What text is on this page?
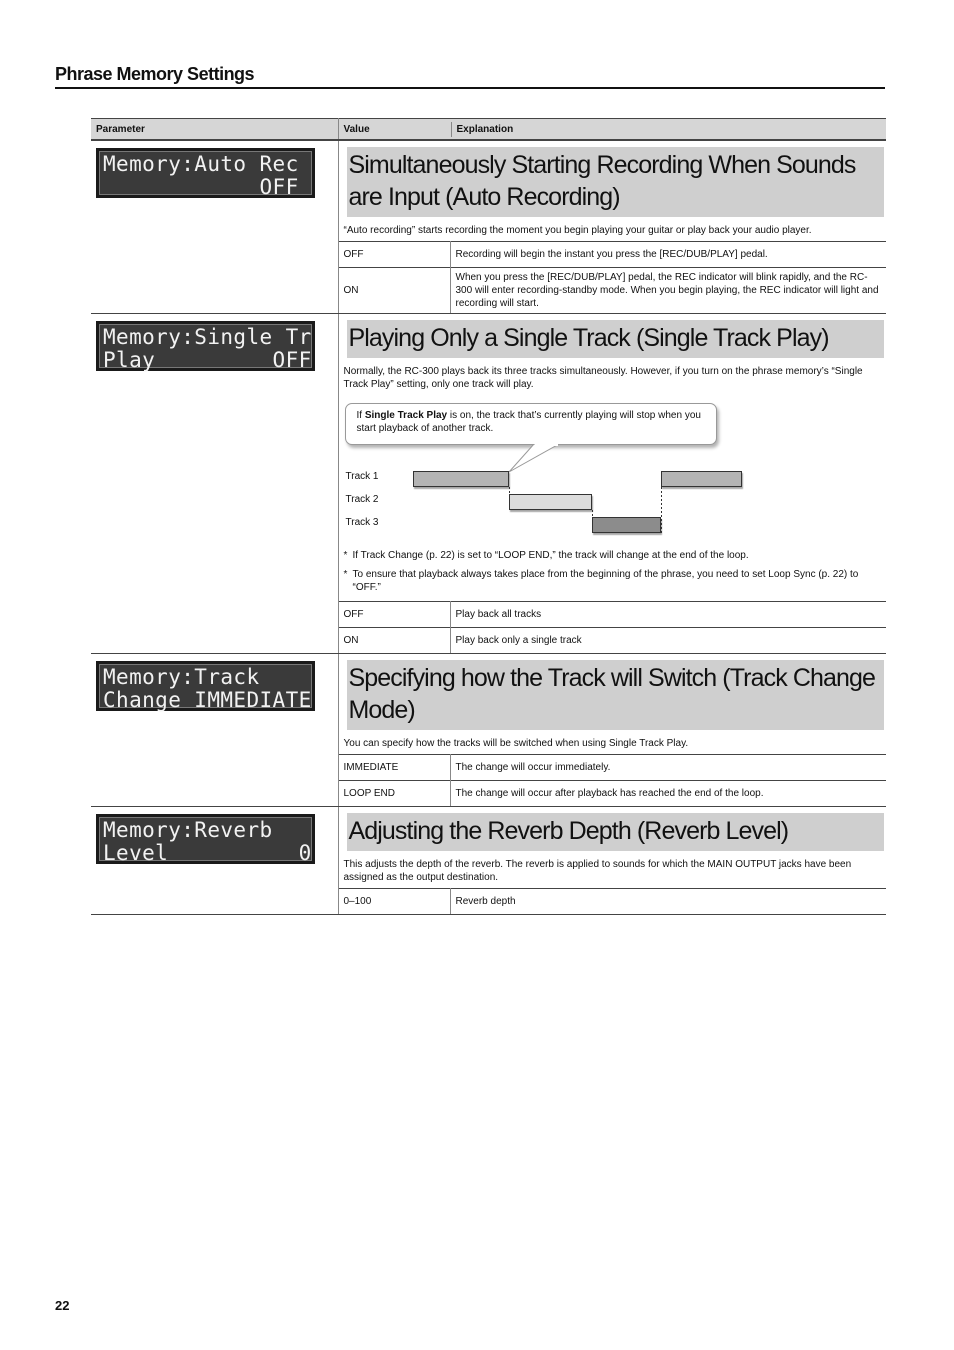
Phrase Memory Settings
Parameter	Value	Explanation

Memory:Auto Rec
OFF

Simultaneously Starting Recording When Sounds are Input (Auto Recording)
“Auto recording” starts recording the moment you begin playing your guitar or play back your audio player.
OFF	Recording will begin the instant you press the [REC/DUB/PLAY] pedal.
ON	When you press the [REC/DUB/PLAY] pedal, the REC indicator will blink rapidly, and the RC-300 will enter recording-standby mode. When you begin playing, the REC indicator will light and recording will start.

Memory:Single Tr
Play         OFF

Playing Only a Single Track (Single Track Play)
Normally, the RC-300 plays back its three tracks simultaneously. However, if you turn on the phrase memory’s “Single Track Play” setting, only one track will play.
If Single Track Play is on, the track that’s currently playing will stop when you start playback of another track.
Track 1
Track 2
Track 3
* If Track Change (p. 22) is set to “LOOP END,” the track will change at the end of the loop.
* To ensure that playback always takes place from the beginning of the phrase, you need to set Loop Sync (p. 22) to “OFF.”
OFF	Play back all tracks
ON	Play back only a single track

Memory:Track
Change IMMEDIATE

Specifying how the Track will Switch (Track Change Mode)
You can specify how the tracks will be switched when using Single Track Play.
IMMEDIATE	The change will occur immediately.
LOOP END	The change will occur after playback has reached the end of the loop.

Memory:Reverb
Level          0

Adjusting the Reverb Depth (Reverb Level)
This adjusts the depth of the reverb. The reverb is applied to sounds for which the MAIN OUTPUT jacks have been assigned as the output destination.
0–100	Reverb depth
22
